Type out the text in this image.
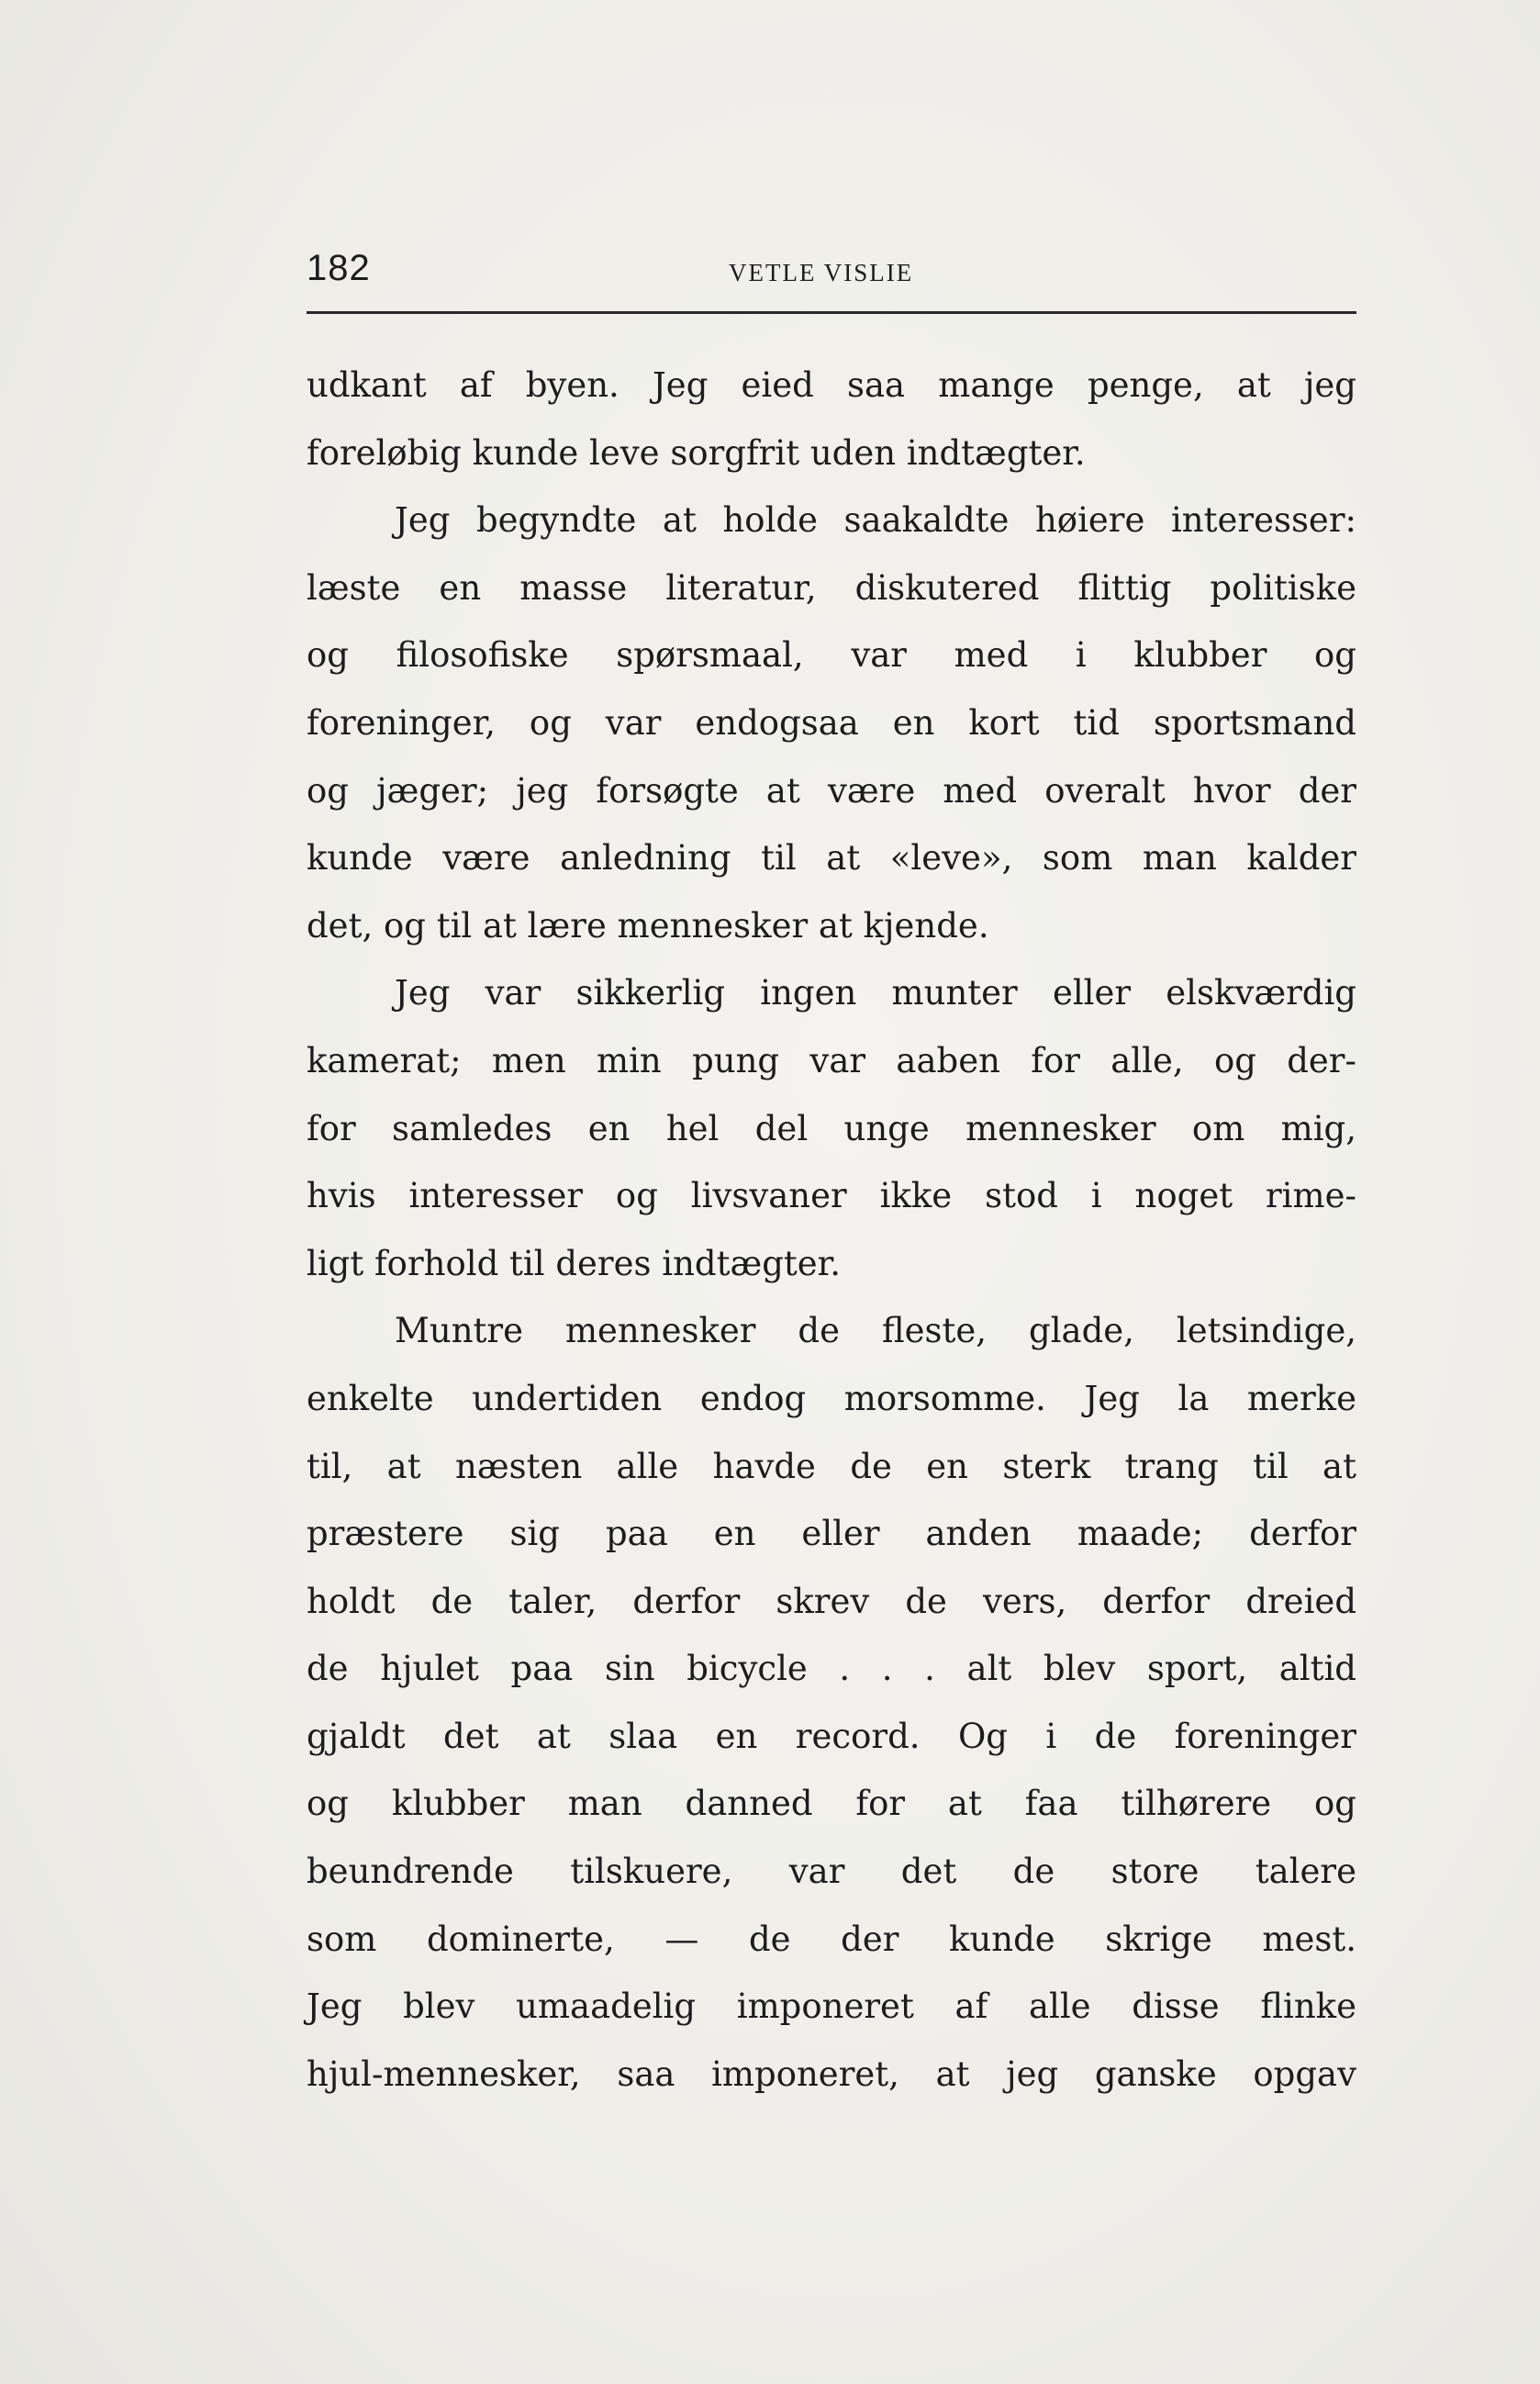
182	VETLE VISLIE
udkant af byen. Jeg eied saa mange penge, at jeg
foreløbig kunde leve sorgfrit uden indtægter.
Jeg begyndte at holde saakaldte høiere interesser:
læste en masse literatur, diskutered flittig politiske
og filosofiske spørsmaal, var med i klubber og
foreninger, og var endogsaa en kort tid sportsmand
og jæger; jeg forsøgte at være med overalt hvor der
kunde være anledning til at «leve», som man kalder
det, og til at lære mennesker at kjende.
Jeg var sikkerlig ingen munter eller elskværdig
kamerat; men min pung var aaben for alle, og der-
for samledes en hel del unge mennesker om mig,
hvis interesser og livsvaner ikke stod i noget rime-
ligt forhold til deres indtægter.
Muntre mennesker de fleste, glade, letsindige,
enkelte undertiden endog morsomme. Jeg la merke
til, at næsten alle havde de en sterk trang til at
præstere sig paa en eller anden maade; derfor
holdt de taler, derfor skrev de vers, derfor dreied
de hjulet paa sin bicycle . . . alt blev sport, altid
gjaldt det at slaa en record. Og i de foreninger
og klubber man danned for at faa tilhørere og
beundrende tilskuere, var det de store talere
som dominerte, — de der kunde skrige mest.
Jeg blev umaadelig imponeret af alle disse flinke
hjul-mennesker, saa imponeret, at jeg ganske opgav
